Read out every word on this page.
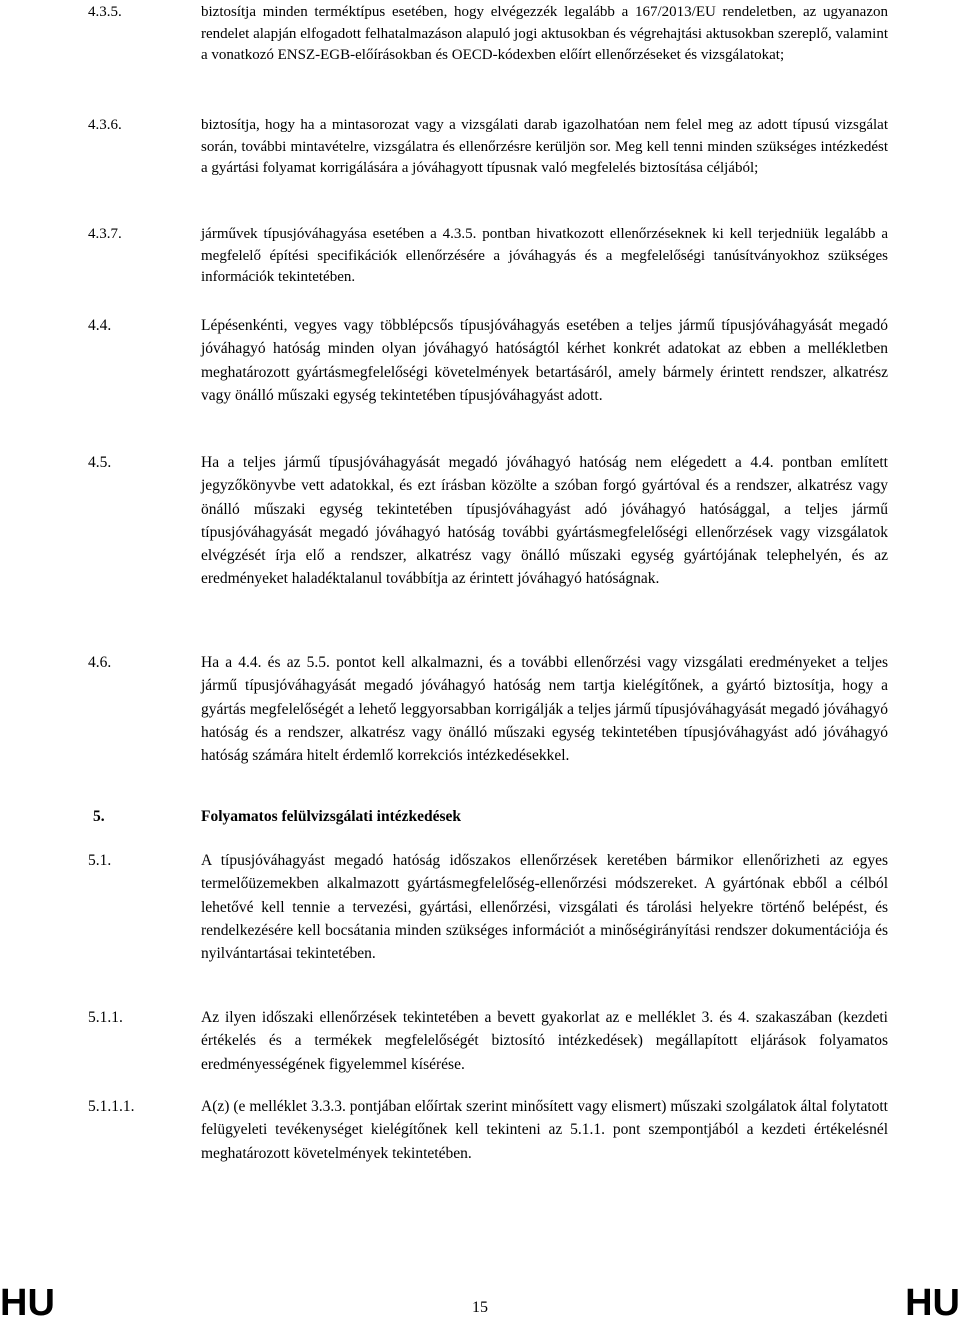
4.3.5.	biztosítja minden terméktípus esetében, hogy elvégezzék legalább a 167/2013/EU rendeletben, az ugyanazon rendelet alapján elfogadott felhatalmazáson alapuló jogi aktusokban és végrehajtási aktusokban szereplő, valamint a vonatkozó ENSZ-EGB-előírásokban és OECD-kódexben előírt ellenőrzéseket és vizsgálatokat;
4.3.6.	biztosítja, hogy ha a mintasorozat vagy a vizsgálati darab igazolhatóan nem felel meg az adott típusú vizsgálat során, további mintavételre, vizsgálatra és ellenőrzésre kerüljön sor. Meg kell tenni minden szükséges intézkedést a gyártási folyamat korrigálására a jóváhagyott típusnak való megfelelés biztosítása céljából;
4.3.7.	járművek típusjóváhagyása esetében a 4.3.5. pontban hivatkozott ellenőrzéseknek ki kell terjedniük legalább a megfelelő építési specifikációk ellenőrzésére a jóváhagyás és a megfelelőségi tanúsítványokhoz szükséges információk tekintetében.
4.4.	Lépésenkénti, vegyes vagy többlépcsős típusjóváhagyás esetében a teljes jármű típusjóváhagyását megadó jóváhagyó hatóság minden olyan jóváhagyó hatóságtól kérhet konkrét adatokat az ebben a mellékletben meghatározott gyártásmegfelelőségi követelmények betartásáról, amely bármely érintett rendszer, alkatrész vagy önálló műszaki egység tekintetében típusjóváhagyást adott.
4.5.	Ha a teljes jármű típusjóváhagyását megadó jóváhagyó hatóság nem elégedett a 4.4. pontban említett jegyzőkönyvbe vett adatokkal, és ezt írásban közölte a szóban forgó gyártóval és a rendszer, alkatrész vagy önálló műszaki egység tekintetében típusjóváhagyást adó jóváhagyó hatósággal, a teljes jármű típusjóváhagyását megadó jóváhagyó hatóság további gyártásmegfelelőségi ellenőrzések vagy vizsgálatok elvégzését írja elő a rendszer, alkatrész vagy önálló műszaki egység gyártójának telephelyén, és az eredményeket haladéktalanul továbbítja az érintett jóváhagyó hatóságnak.
4.6.	Ha a 4.4. és az 5.5. pontot kell alkalmazni, és a további ellenőrzési vagy vizsgálati eredményeket a teljes jármű típusjóváhagyását megadó jóváhagyó hatóság nem tartja kielégítőnek, a gyártó biztosítja, hogy a gyártás megfelelőségét a lehető leggyorsabban korrigálják a teljes jármű típusjóváhagyását megadó jóváhagyó hatóság és a rendszer, alkatrész vagy önálló műszaki egység tekintetében típusjóváhagyást adó jóváhagyó hatóság számára hitelt érdemlő korrekciós intézkedésekkel.
5.	Folyamatos felülvizsgálati intézkedések
5.1.	A típusjóváhagyást megadó hatóság időszakos ellenőrzések keretében bármikor ellenőrizheti az egyes termelőüzemekben alkalmazott gyártásmegfelelőség-ellenőrzési módszereket. A gyártónak ebből a célból lehetővé kell tennie a tervezési, gyártási, ellenőrzési, vizsgálati és tárolási helyekre történő belépést, és rendelkezésére kell bocsátania minden szükséges információt a minőségirányítási rendszer dokumentációja és nyilvántartásai tekintetében.
5.1.1.	Az ilyen időszaki ellenőrzések tekintetében a bevett gyakorlat az e melléklet 3. és 4. szakaszában (kezdeti értékelés és a termékek megfelelőségét biztosító intézkedések) megállapított eljárások folyamatos eredményességének figyelemmel kísérése.
5.1.1.1.	A(z) (e melléklet 3.3.3. pontjában előírtak szerint minősített vagy elismert) műszaki szolgálatok által folytatott felügyeleti tevékenységet kielégítőnek kell tekinteni az 5.1.1. pont szempontjából a kezdeti értékelésnél meghatározott követelmények tekintetében.
HU	15	HU
